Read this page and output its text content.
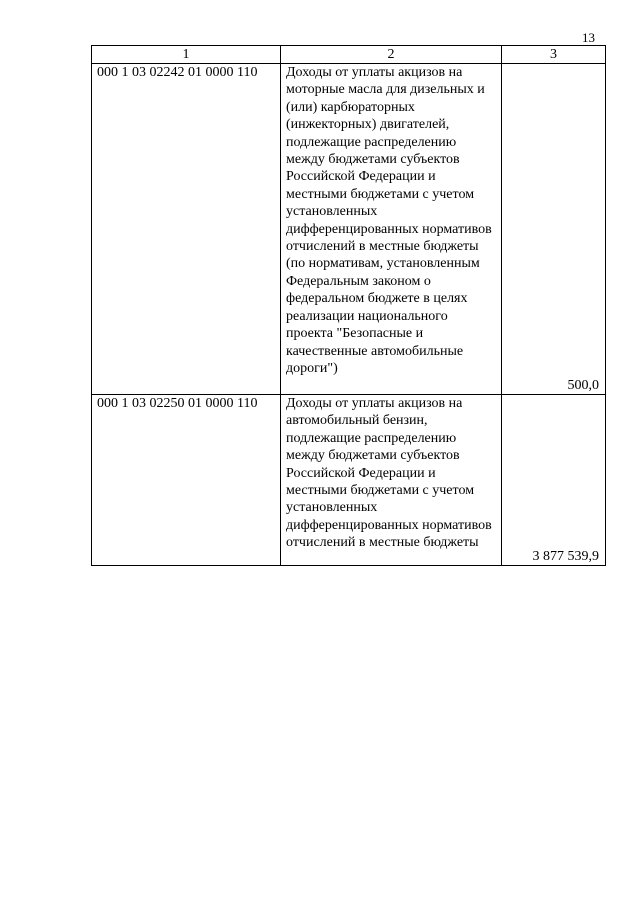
13
1	2	3
000 1 03 02242 01 0000 110	Доходы от уплаты акцизов на моторные масла для дизельных и (или) карбюраторных (инжекторных) двигателей, подлежащие распределению между бюджетами субъектов Российской Федерации и местными бюджетами с учетом установленных дифференцированных нормативов отчислений в местные бюджеты (по нормативам, установленным Федеральным законом о федеральном бюджете в целях реализации национального проекта "Безопасные и качественные автомобильные дороги")	500,0
000 1 03 02250 01 0000 110	Доходы от уплаты акцизов на автомобильный бензин, подлежащие распределению между бюджетами субъектов Российской Федерации и местными бюджетами с учетом установленных дифференцированных нормативов отчислений в местные бюджеты	3 877 539,9
